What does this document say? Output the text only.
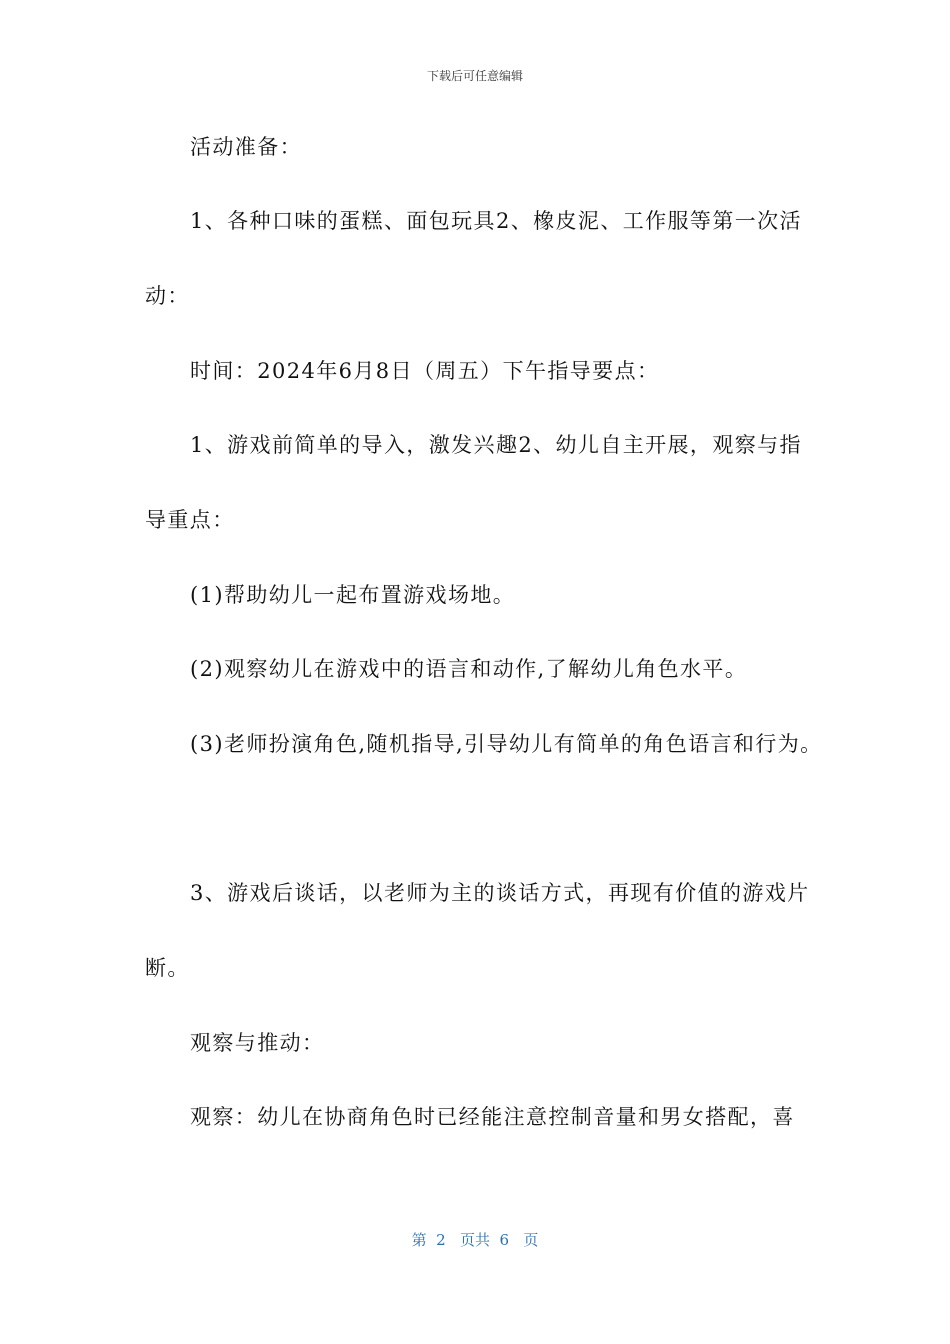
下载后可任意编辑
活动准备：
1、各种口味的蛋糕、面包玩具2、橡皮泥、工作服等第一次活
动：
时间：2024年6月8日（周五）下午指导要点：
1、游戏前简单的导入，激发兴趣2、幼儿自主开展，观察与指
导重点：
(1)帮助幼儿一起布置游戏场地。
(2)观察幼儿在游戏中的语言和动作,了解幼儿角色水平。
(3)老师扮演角色,随机指导,引导幼儿有简单的角色语言和行为。
3、游戏后谈话，以老师为主的谈话方式，再现有价值的游戏片
断。
观察与推动：
观察：幼儿在协商角色时已经能注意控制音量和男女搭配，喜
第  2   页共  6   页
